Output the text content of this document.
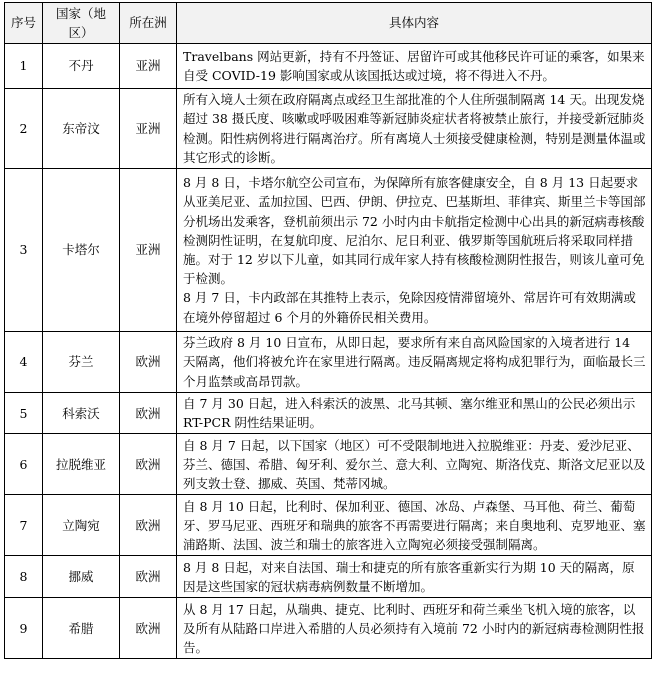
序号	国家（地区）	所在洲	具体内容
1	不丹	亚洲	Travelbans 网站更新，持有不丹签证、居留许可或其他移民许可证的乘客，如果来自受 COVID-19 影响国家或从该国抵达或过境，将不得进入不丹。

2	东帝汶	亚洲	所有入境人士须在政府隔离点或经卫生部批准的个人住所强制隔离 14 天。出现发烧超过 38 摄氏度、咳嗽或呼吸困难等新冠肺炎症状者将被禁止旅行，并接受新冠肺炎检测。阳性病例将进行隔离治疗。所有离境人士须接受健康检测，特别是测量体温或其它形式的诊断。

3	卡塔尔	亚洲	8 月 8 日，卡塔尔航空公司宣布，为保障所有旅客健康安全，自 8 月 13 日起要求从亚美尼亚、孟加拉国、巴西、伊朗、伊拉克、巴基斯坦、菲律宾、斯里兰卡等国部分机场出发乘客，登机前须出示 72 小时内由卡航指定检测中心出具的新冠病毒核酸检测阴性证明，在复航印度、尼泊尔、尼日利亚、俄罗斯等国航班后将采取同样措施。对于 12 岁以下儿童，如其同行成年家人持有核酸检测阴性报告，则该儿童可免于检测。
8 月 7 日，卡内政部在其推特上表示，免除因疫情滞留境外、常居许可有效期满或在境外停留超过 6 个月的外籍侨民相关费用。

4	芬兰	欧洲	芬兰政府 8 月 10 日宣布，从即日起，要求所有来自高风险国家的入境者进行 14 天隔离，他们将被允许在家里进行隔离。违反隔离规定将构成犯罪行为，面临最长三个月监禁或高昂罚款。

5	科索沃	欧洲	自 7 月 30 日起，进入科索沃的波黑、北马其顿、塞尔维亚和黑山的公民必须出示 RT-PCR 阴性结果证明。

6	拉脱维亚	欧洲	自 8 月 7 日起，以下国家（地区）可不受限制地进入拉脱维亚：丹麦、爱沙尼亚、芬兰、德国、希腊、匈牙利、爱尔兰、意大利、立陶宛、斯洛伐克、斯洛文尼亚以及列支敦士登、挪威、英国、梵蒂冈城。

7	立陶宛	欧洲	自 8 月 10 日起，比利时、保加利亚、德国、冰岛、卢森堡、马耳他、荷兰、葡萄牙、罗马尼亚、西班牙和瑞典的旅客不再需要进行隔离；来自奥地利、克罗地亚、塞浦路斯、法国、波兰和瑞士的旅客进入立陶宛必须接受强制隔离。

8	挪威	欧洲	8 月 8 日起，对来自法国、瑞士和捷克的所有旅客重新实行为期 10 天的隔离，原因是这些国家的冠状病毒病例数量不断增加。

9	希腊	欧洲	从 8 月 17 日起，从瑞典、捷克、比利时、西班牙和荷兰乘坐飞机入境的旅客，以及所有从陆路口岸进入希腊的人员必须持有入境前 72 小时内的新冠病毒检测阴性报告。
